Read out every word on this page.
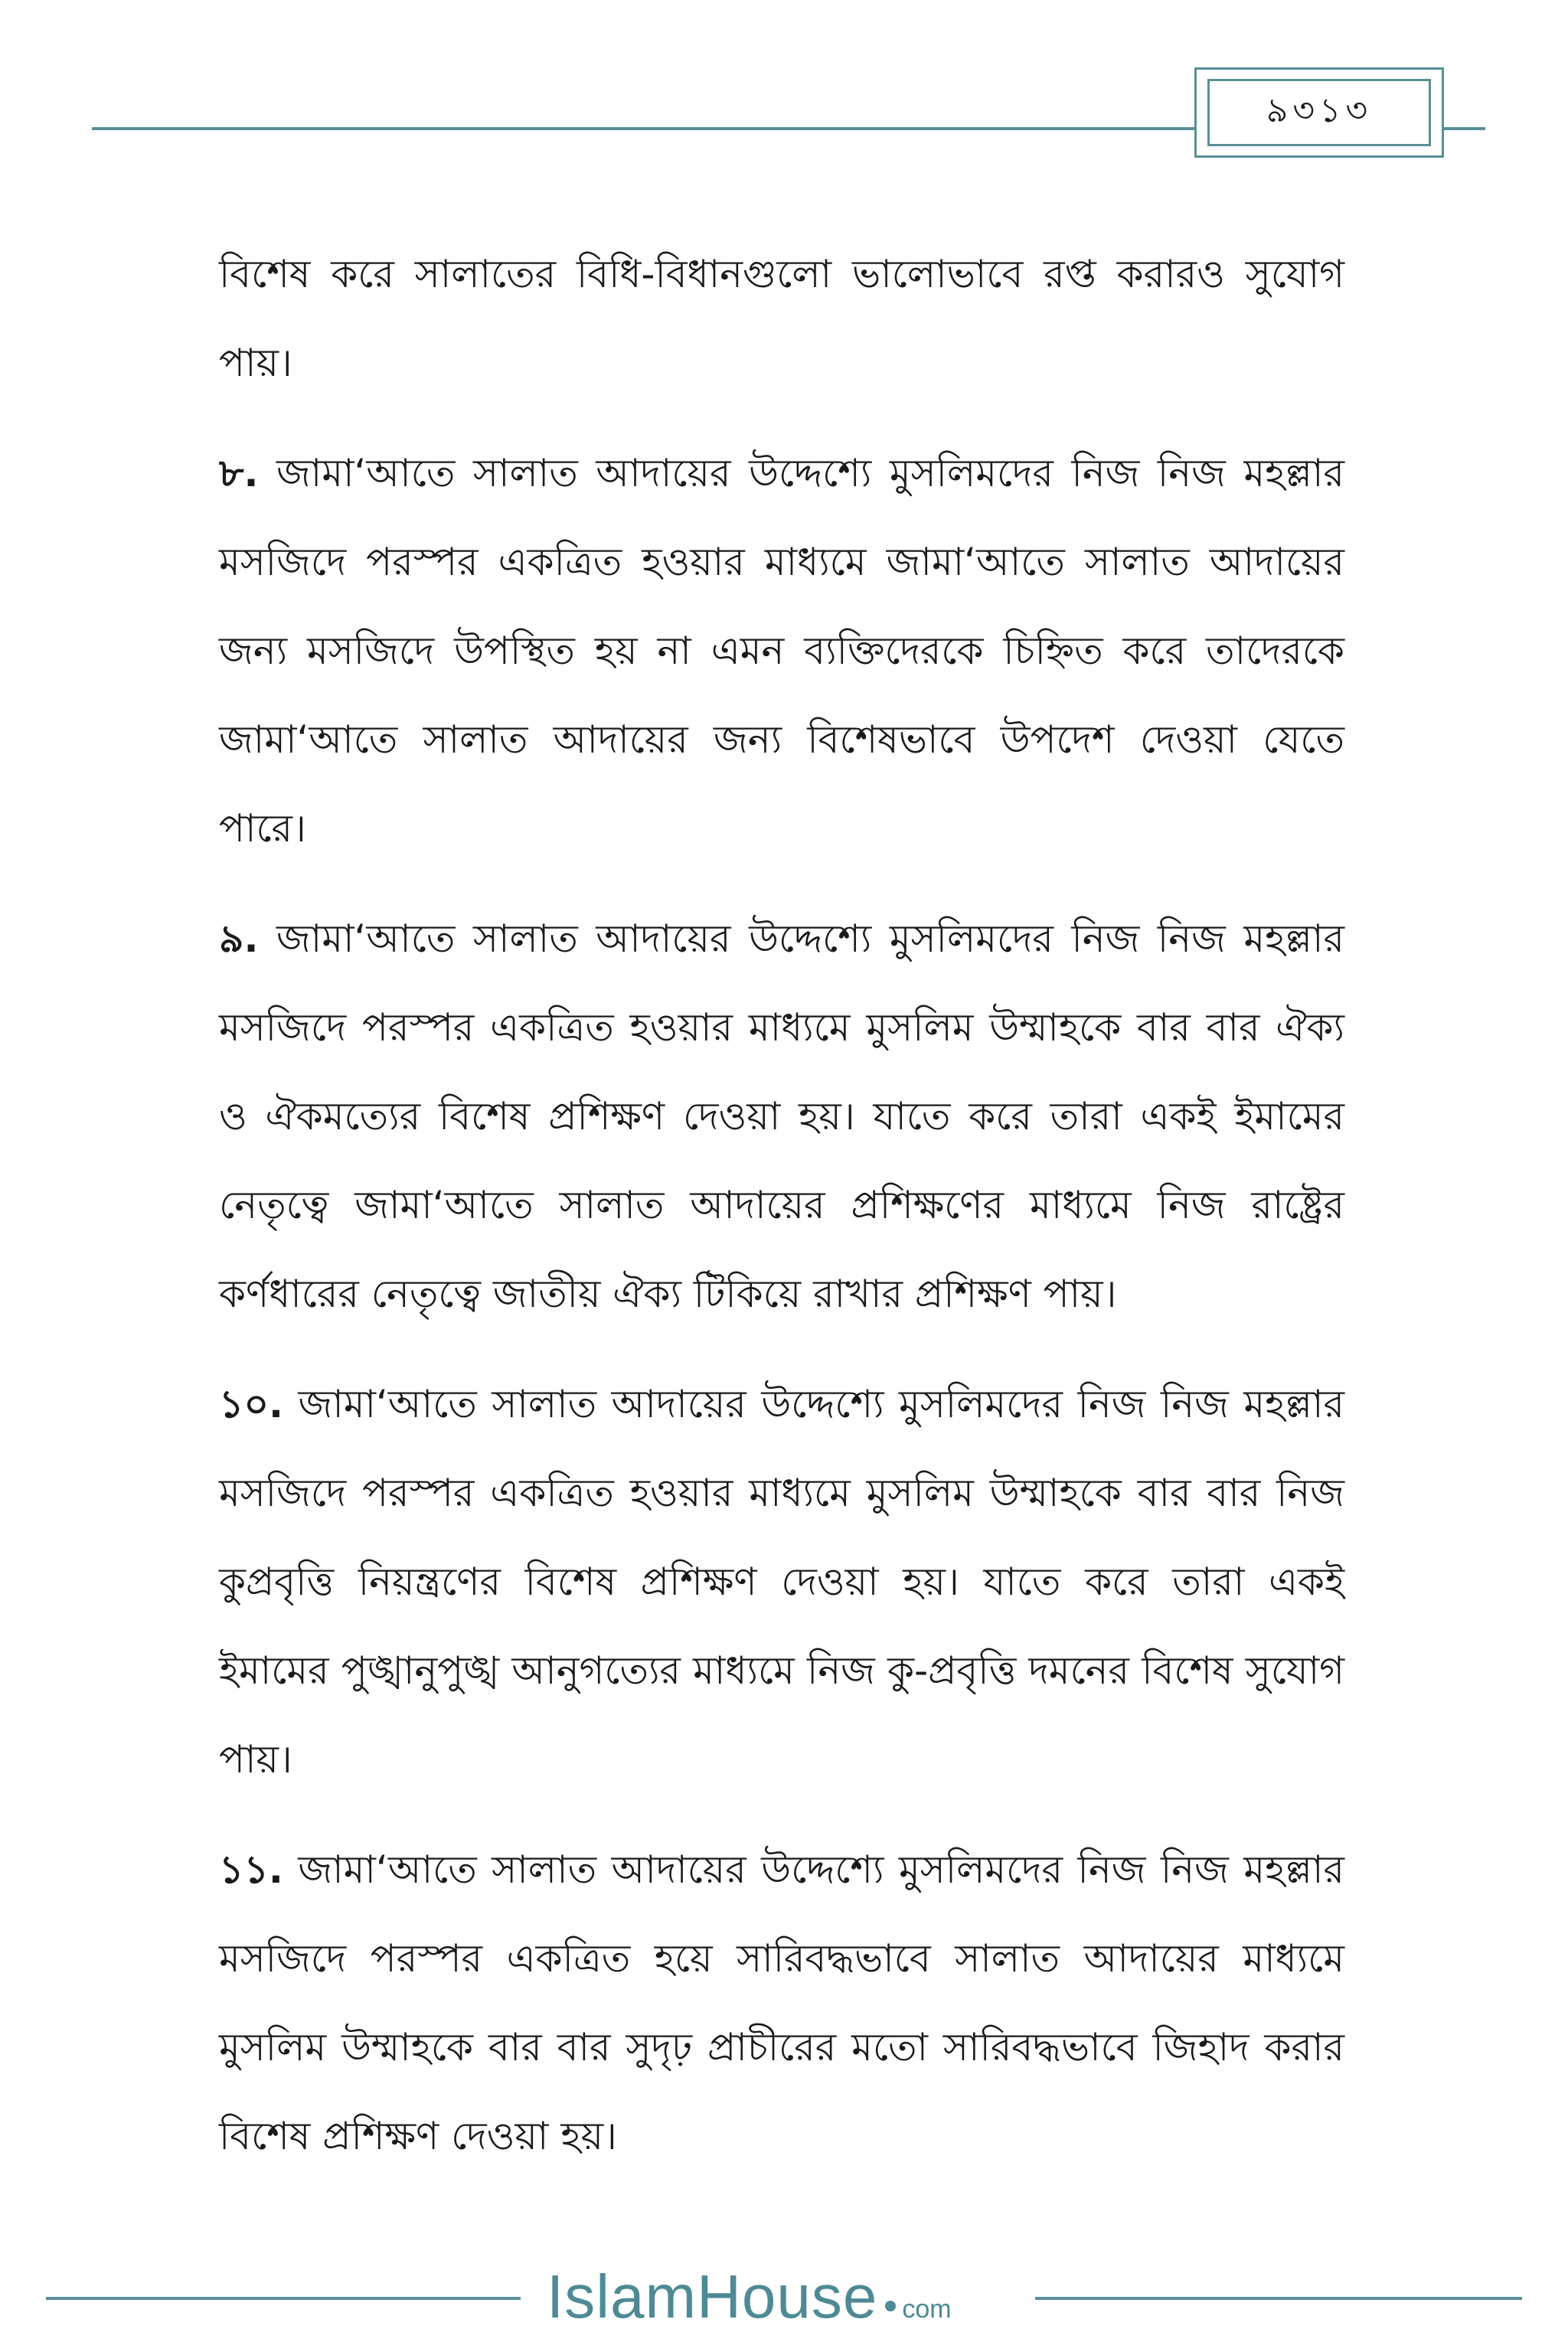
৯৩১৩

বিশেষ করে সালাতের বিধি-বিধানগুলো ভালোভাবে রপ্ত করারও সুযোগ পায়।

৮. জামা‘আতে সালাত আদায়ের উদ্দেশ্যে মুসলিমদের নিজ নিজ মহল্লার মসজিদে পরস্পর একত্রিত হওয়ার মাধ্যমে জামা‘আতে সালাত আদায়ের জন্য মসজিদে উপস্থিত হয় না এমন ব্যক্তিদেরকে চিহ্নিত করে তাদেরকে জামা‘আতে সালাত আদায়ের জন্য বিশেষভাবে উপদেশ দেওয়া যেতে পারে।

৯. জামা‘আতে সালাত আদায়ের উদ্দেশ্যে মুসলিমদের নিজ নিজ মহল্লার মসজিদে পরস্পর একত্রিত হওয়ার মাধ্যমে মুসলিম উম্মাহকে বার বার ঐক্য ও ঐকমত্যের বিশেষ প্রশিক্ষণ দেওয়া হয়। যাতে করে তারা একই ইমামের নেতৃত্বে জামা‘আতে সালাত আদায়ের প্রশিক্ষণের মাধ্যমে নিজ রাষ্ট্রের কর্ণধারের নেতৃত্বে জাতীয় ঐক্য টিকিয়ে রাখার প্রশিক্ষণ পায়।

১০. জামা‘আতে সালাত আদায়ের উদ্দেশ্যে মুসলিমদের নিজ নিজ মহল্লার মসজিদে পরস্পর একত্রিত হওয়ার মাধ্যমে মুসলিম উম্মাহকে বার বার নিজ কুপ্রবৃত্তি নিয়ন্ত্রণের বিশেষ প্রশিক্ষণ দেওয়া হয়। যাতে করে তারা একই ইমামের পুঙ্খানুপুঙ্খ আনুগত্যের মাধ্যমে নিজ কু-প্রবৃত্তি দমনের বিশেষ সুযোগ পায়।

১১. জামা‘আতে সালাত আদায়ের উদ্দেশ্যে মুসলিমদের নিজ নিজ মহল্লার মসজিদে পরস্পর একত্রিত হয়ে সারিবদ্ধভাবে সালাত আদায়ের মাধ্যমে মুসলিম উম্মাহকে বার বার সুদৃঢ় প্রাচীরের মতো সারিবদ্ধভাবে জিহাদ করার বিশেষ প্রশিক্ষণ দেওয়া হয়।

IslamHouse com
